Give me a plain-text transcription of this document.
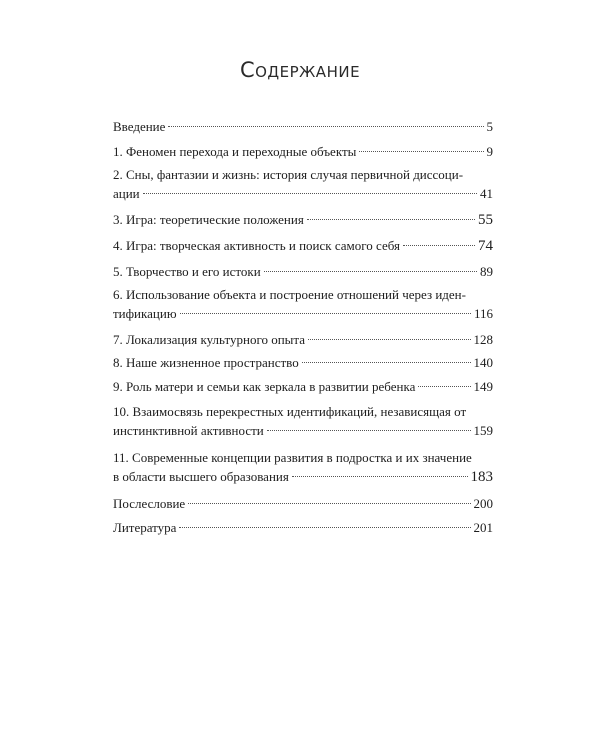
Содержание
Введение	5
1. Феномен перехода и переходные объекты	9
2. Сны, фантазии и жизнь: история случая первичной диссоци-
ации	41
3. Игра: теоретические положения	55
4. Игра: творческая активность и поиск самого себя	74
5. Творчество и его истоки	89
6. Использование объекта и построение отношений через иден-
тификацию	116
7. Локализация культурного опыта	128
8. Наше жизненное пространство	140
9. Роль матери и семьи как зеркала в развитии ребенка	149
10. Взаимосвязь перекрестных идентификаций, независящая от
инстинктивной активности	159
11. Современные концепции развития в подростка и их значение
в области высшего образования	183
Послесловие	200
Литература	201
